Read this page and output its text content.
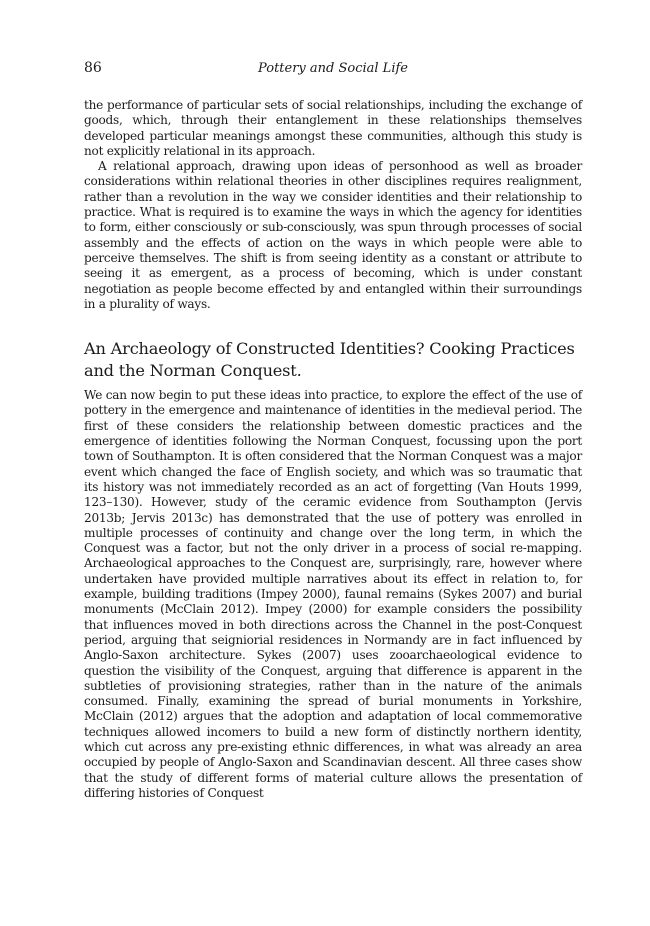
86	Pottery and Social Life

the performance of particular sets of social relationships, including the exchange of goods, which, through their entanglement in these relationships themselves developed particular meanings amongst these communities, although this study is not explicitly relational in its approach.

A relational approach, drawing upon ideas of personhood as well as broader considerations within relational theories in other disciplines requires realignment, rather than a revolution in the way we consider identities and their relationship to practice. What is required is to examine the ways in which the agency for identities to form, either consciously or sub-consciously, was spun through processes of social assembly and the effects of action on the ways in which people were able to perceive themselves. The shift is from seeing identity as a constant or attribute to seeing it as emergent, as a process of becoming, which is under constant negotiation as people become effected by and entangled within their surroundings in a plurality of ways.

An Archaeology of Constructed Identities? Cooking Practices and the Norman Conquest.

We can now begin to put these ideas into practice, to explore the effect of the use of pottery in the emergence and maintenance of identities in the medieval period. The first of these considers the relationship between domestic practices and the emergence of identities following the Norman Conquest, focussing upon the port town of Southampton. It is often considered that the Norman Conquest was a major event which changed the face of English society, and which was so traumatic that its history was not immediately recorded as an act of forgetting (Van Houts 1999, 123–130). However, study of the ceramic evidence from Southampton (Jervis 2013b; Jervis 2013c) has demonstrated that the use of pottery was enrolled in multiple processes of continuity and change over the long term, in which the Conquest was a factor, but not the only driver in a process of social re-mapping. Archaeological approaches to the Conquest are, surprisingly, rare, however where undertaken have provided multiple narratives about its effect in relation to, for example, building traditions (Impey 2000), faunal remains (Sykes 2007) and burial monuments (McClain 2012). Impey (2000) for example considers the possibility that influences moved in both directions across the Channel in the post-Conquest period, arguing that seigniorial residences in Normandy are in fact influenced by Anglo-Saxon architecture. Sykes (2007) uses zooarchaeological evidence to question the visibility of the Conquest, arguing that difference is apparent in the subtleties of provisioning strategies, rather than in the nature of the animals consumed. Finally, examining the spread of burial monuments in Yorkshire, McClain (2012) argues that the adoption and adaptation of local commemorative techniques allowed incomers to build a new form of distinctly northern identity, which cut across any pre-existing ethnic differences, in what was already an area occupied by people of Anglo-Saxon and Scandinavian descent. All three cases show that the study of different forms of material culture allows the presentation of differing histories of Conquest
